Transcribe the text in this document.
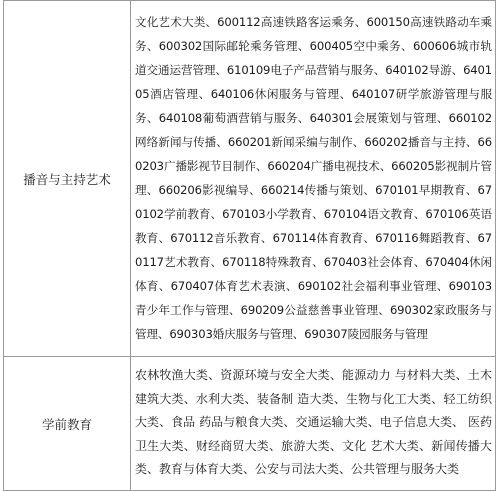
播音与主持艺术	文化艺术大类、600112高速铁路客运乘务、600150高速铁路动车乘务、600302国际邮轮乘务管理、600405空中乘务、600606城市轨道交通运营管理、610109电子产品营销与服务、640102导游、640105酒店管理、640106休闲服务与管理、640107研学旅游管理与服务、640108葡萄酒营销与服务、640301会展策划与管理、660102网络新闻与传播、660201新闻采编与制作、660202播音与主持、660203广播影视节目制作、660204广播电视技术、660205影视制片管理、660206影视编导、660214传播与策划、670101早期教育、670102学前教育、670103小学教育、670104语文教育、670106英语教育、670112音乐教育、670114体育教育、670116舞蹈教育、670117艺术教育、670118特殊教育、670403社会体育、670404休闲体育、670407体育艺术表演、690102社会福利事业管理、690103青少年工作与管理、690209公益慈善事业管理、690302家政服务与管理、690303婚庆服务与管理、690307陵园服务与管理
学前教育	农林牧渔大类、资源环境与安全大类、能源动力 与材料大类、土木建筑大类、水利大类、装备制 造大类、生物与化工大类、轻工纺织大类、食品 药品与粮食大类、交通运输大类、电子信息大类、 医药卫生大类、财经商贸大类、旅游大类、文化 艺术大类、新闻传播大类、教育与体育大类、公安与司法大类、公共管理与服务大类
